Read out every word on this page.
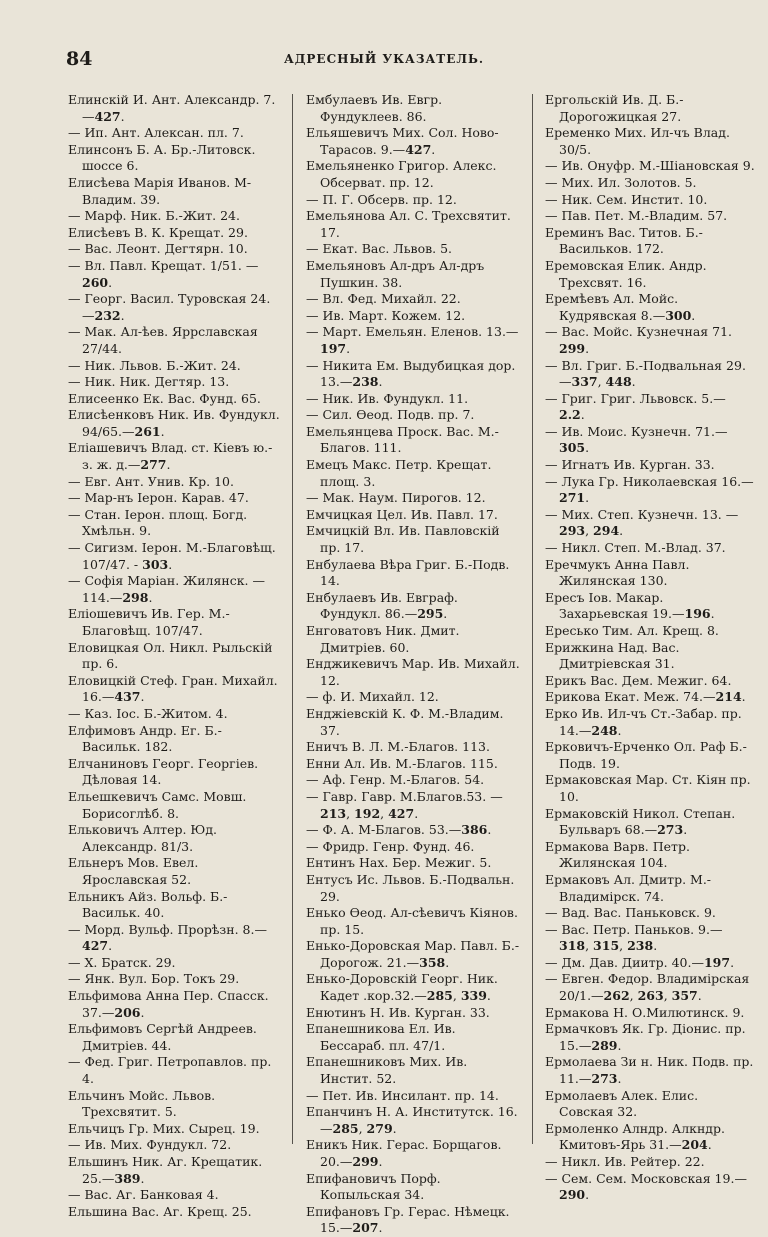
84	АДРЕСНЫЙ УКАЗАТЕЛЬ.

Елинскій И. Ант. Александр. 7.—427.

— Ип. Ант. Алексан. пл. 7.

Елинсонъ Б. А. Бр.-Литовск. шоссе 6.

Елисѣева Марія Иванов. М-Владим. 39.

— Марф. Ник. Б.-Жит. 24.

Елисѣевъ В. К. Крещат. 29.

— Вас. Леонт. Дегтярн. 10.

— Вл. Павл. Крещат. 1/51. —260.

— Георг. Васил. Туровская 24.—232.

— Мак. Ал-ѣев. Яррславская 27/44.

— Ник. Львов. Б.-Жит. 24.

— Ник. Ник. Дегтяр. 13.

Елисеенко Ек. Вас. Фунд. 65.

Елисѣенковъ Ник. Ив. Фундукл. 94/65.—261.

Еліашевичъ Влад. ст. Кіевъ ю.-з. ж. д.—277.

— Евг. Ант. Унив. Кр. 10.

— Мар-нъ Іерон. Карав. 47.

— Стан. Іерон. площ. Богд. Хмѣльн. 9.

— Сигизм. Іерон. М.-Благовѣщ. 107/47. - 303.

— Софія Маріан. Жилянск. —114.—298.

Еліошевичъ Ив. Гер. М.-Благовѣщ. 107/47.

Еловицкая Ол. Никл. Рыльскій пр. 6.

Еловицкій Стеф. Гран. Михайл. 16.—437.

— Каз. Іос. Б.-Житом. 4.

Елфимовъ Андр. Ег. Б.-Васильк. 182.

Елчаниновъ Георг. Георгіев. Дѣловая 14.

Ельешкевичъ Самс. Мовш. Борисоглѣб. 8.

Ельковичъ Алтер. Юд. Александр. 81/3.

Ельнеръ Мов. Евел. Ярославская 52.

Ельникъ Айз. Вольф. Б.-Васильк. 40.

— Морд. Вульф. Прорѣзн. 8.—427.

— Х. Братск. 29.

— Янк. Вул. Бор. Токъ 29.

Ельфимова Анна Пер. Спасск. 37.—206.

Ельфимовъ Сергѣй Андреев. Дмитріев. 44.

— Фед. Григ. Петропавлов. пр. 4.

Ельчинъ Мойс. Львов. Трехсвятит. 5.

Ельчицъ Гр. Мих. Сырец. 19.

— Ив. Мих. Фундукл. 72.

Ельшинъ Ник. Аг. Крещатик. 25.—389.

— Вас. Аг. Банковая 4.

Ельшина Вас. Аг. Крещ. 25.

Ембулаевъ Ив. Евгр. Фундуклеев. 86.

Ельяшевичъ Мих. Сол. Ново-Тарасов. 9.—427.

Емельяненко Григор. Алекс. Обсерват. пр. 12.

— П. Г. Обсерв. пр. 12.

Емельянова Ал. С. Трехсвятит. 17.

— Екат. Вас. Львов. 5.

Емельяновъ Ал-дръ Ал-дръ Пушкин. 38.

— Вл. Фед. Михайл. 22.

— Ив. Март. Кожем. 12.

— Март. Емельян. Еленов. 13.—197.

— Никита Ем. Выдубицкая дор. 13.—238.

— Ник. Ив. Фундукл. 11.

— Сил. Өеод. Подв. пр. 7.

Емельянцева Проск. Вас. М.-Благов. 111.

Емецъ Макс. Петр. Крещат. площ. 3.

— Мак. Наум. Пирогов. 12.

Емчицкая Цел. Ив. Павл. 17.

Емчицкій Вл. Ив. Павловскій пр. 17.

Енбулаева Вѣра Григ. Б.-Подв. 14.

Енбулаевъ Ив. Евграф. Фундукл. 86.—295.

Енговатовъ Ник. Дмит. Дмитріев. 60.

Енджикевичъ Мар. Ив. Михайл. 12.

— ф. И. Михайл. 12.

Енджіевскій К. Ф. М.-Владим. 37.

Еничъ В. Л. М.-Благов. 113.

Енни Ал. Ив. М.-Благов. 115.

— Аф. Генр. М.-Благов. 54.

— Гавр. Гавр. М.Благов.53. —213, 192, 427.

— Ф. А. М-Благов. 53.—386.

— Фридр. Генр. Фунд. 46.

Ентинъ Нах. Бер. Межиг. 5.

Ентусъ Ис. Львов. Б.-Подвальн. 29.

Енько Өеод. Ал-сѣевичъ Кіянов. пр. 15.

Енько-Доровская Мар. Павл. Б.-Дорогож. 21.—358.

Енько-Доровскій Георг. Ник. Кадет .кор.32.—285, 339.

Енютинъ Н. Ив. Курган. 33.

Епанешникова Ел. Ив. Бессараб. пл. 47/1.

Епанешниковъ Мих. Ив. Инстит. 52.

— Пет. Ив. Инсилант. пр. 14.

Епанчинъ Н. А. Институтск. 16.—285, 279.

Еникъ Ник. Герас. Борщагов. 20.—299.

Епифановичъ Порф. Копыльская 34.

Епифановъ Гр. Герас. Нѣмецк. 15.—207.

Ергольскій Ив. Д. Б.-Дорогожицкая 27.

Еременко Мих. Ил-чъ Влад. 30/5.

— Ив. Онуфр. М.-Шіановская 9.

— Мих. Ил. Золотов. 5.

— Ник. Сем. Инстит. 10.

— Пав. Пет. М.-Владим. 57.

Ереминъ Вас. Титов. Б.-Васильков. 172.

Еремовская Елик. Андр. Трехсвят. 16.

Еремѣевъ Ал. Мойс. Кудрявская 8.—300.

— Вас. Мойс. Кузнечная 71. 299.

— Вл. Григ. Б.-Подвальная 29.—337, 448.

— Григ. Григ. Львовск. 5.— 2.2.

— Ив. Моис. Кузнечн. 71.— 305.

— Игнатъ Ив. Курган. 33.

— Лука Гр. Николаевская 16.—271.

— Мих. Степ. Кузнечн. 13. — 293, 294.

— Никл. Степ. М.-Влад. 37.

Еречмукъ Анна Павл. Жилянская 130.

Ересъ Іов. Макар. Захарьевская 19.—196.

Ересько Тим. Ал. Крещ. 8.

Ерижкина Над. Вас. Дмитріевская 31.

Ерикъ Вас. Дем. Межиг. 64.

Ерикова Екат. Меж. 74.—214.

Ерко Ив. Ил-чъ Ст.-Забар. пр. 14.—248.

Ерковичъ-Ерченко Ол. Раф Б.-Подв. 19.

Ермаковская Мар. Ст. Кіян пр. 10.

Ермаковскій Никол. Степан. Бульваръ 68.—273.

Ермакова Варв. Петр. Жилянская 104.

Ермаковъ Ал. Дмитр. М.-Владимірск. 74.

— Вад. Вас. Паньковск. 9.

— Вас. Петр. Паньков. 9.— 318, 315, 238.

— Дм. Дав. Диитр. 40.—197.

— Евген. Федор. Владимірская 20/1.—262, 263, 357.

Ермакова Н. О.Милютинск. 9.

Ермачковъ Як. Гр. Діонис. пр. 15.—289.

Ермолаева Зи н. Ник. Подв. пр. 11.—273.

Ермолаевъ Алек. Елис. Совская 32.

Ермоленко Алндр. Алкндр. Кмитовъ-Ярь 31.—204.

— Никл. Ив. Рейтер. 22.

— Сем. Сем. Московская 19.—290.
